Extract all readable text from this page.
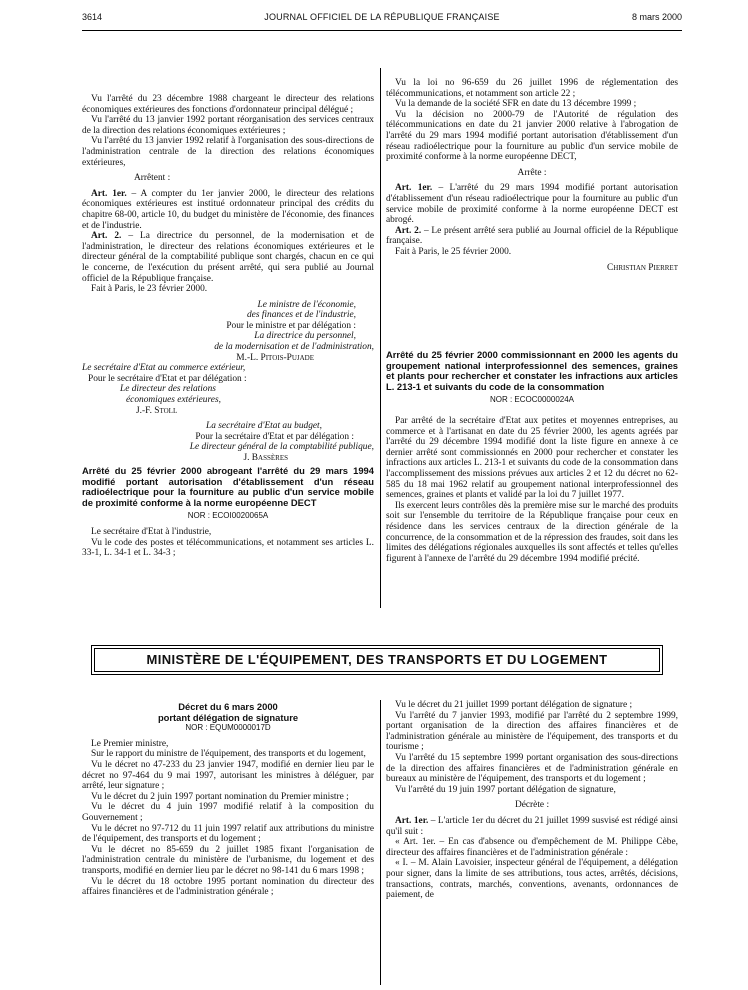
3614	JOURNAL OFFICIEL DE LA RÉPUBLIQUE FRANÇAISE	8 mars 2000

Vu l'arrêté du 23 décembre 1988 chargeant le directeur des relations économiques extérieures des fonctions d'ordonnateur principal délégué ;

Vu l'arrêté du 13 janvier 1992 portant réorganisation des services centraux de la direction des relations économiques extérieures ;

Vu l'arrêté du 13 janvier 1992 relatif à l'organisation des sous-directions de l'administration centrale de la direction des relations économiques extérieures,

Arrêtent :

Art. 1er. – A compter du 1er janvier 2000, le directeur des relations économiques extérieures est institué ordonnateur principal des crédits du chapitre 68-00, article 10, du budget du ministère de l'économie, des finances et de l'industrie.

Art. 2. – La directrice du personnel, de la modernisation et de l'administration, le directeur des relations économiques extérieures et le directeur général de la comptabilité publique sont chargés, chacun en ce qui le concerne, de l'exécution du présent arrêté, qui sera publié au Journal officiel de la République française.

Fait à Paris, le 23 février 2000.

Le ministre de l'économie,

des finances et de l'industrie,

Pour le ministre et par délégation :

La directrice du personnel,

de la modernisation et de l'administration,

M.-L. Pitois-Pujade

Le secrétaire d'Etat au commerce extérieur,

Pour le secrétaire d'Etat et par délégation :

Le directeur des relations

économiques extérieures,

J.-F. Stoll

La secrétaire d'Etat au budget,

Pour la secrétaire d'Etat et par délégation :

Le directeur général de la comptabilité publique,

J. Bassères

Arrêté du 25 février 2000 abrogeant l'arrêté du 29 mars 1994 modifié portant autorisation d'établissement d'un réseau radioélectrique pour la fourniture au public d'un service mobile de proximité conforme à la norme européenne DECT

NOR : ECOI0020065A

Le secrétaire d'Etat à l'industrie,

Vu le code des postes et télécommunications, et notamment ses articles L. 33-1, L. 34-1 et L. 34-3 ;

Vu la loi no 96-659 du 26 juillet 1996 de réglementation des télécommunications, et notamment son article 22 ;

Vu la demande de la société SFR en date du 13 décembre 1999 ;

Vu la décision no 2000-79 de l'Autorité de régulation des télécommunications en date du 21 janvier 2000 relative à l'abrogation de l'arrêté du 29 mars 1994 modifié portant autorisation d'établissement d'un réseau radioélectrique pour la fourniture au public d'un service mobile de proximité conforme à la norme européenne DECT,

Arrête :

Art. 1er. – L'arrêté du 29 mars 1994 modifié portant autorisation d'établissement d'un réseau radioélectrique pour la fourniture au public d'un service mobile de proximité conforme à la norme européenne DECT est abrogé.

Art. 2. – Le présent arrêté sera publié au Journal officiel de la République française.

Fait à Paris, le 25 février 2000.

Christian Pierret

Arrêté du 25 février 2000 commissionnant en 2000 les agents du groupement national interprofessionnel des semences, graines et plants pour rechercher et constater les infractions aux articles L. 213-1 et suivants du code de la consommation

NOR : ECOC0000024A

Par arrêté de la secrétaire d'Etat aux petites et moyennes entreprises, au commerce et à l'artisanat en date du 25 février 2000, les agents agréés par l'arrêté du 29 décembre 1994 modifié dont la liste figure en annexe à ce dernier arrêté sont commissionnés en 2000 pour rechercher et constater les infractions aux articles L. 213-1 et suivants du code de la consommation dans l'accomplissement des missions prévues aux articles 2 et 12 du décret no 62-585 du 18 mai 1962 relatif au groupement national interprofessionnel des semences, graines et plants et validé par la loi du 7 juillet 1977.

Ils exercent leurs contrôles dès la première mise sur le marché des produits soit sur l'ensemble du territoire de la République française pour ceux en résidence dans les services centraux de la direction générale de la concurrence, de la consommation et de la répression des fraudes, soit dans les limites des délégations régionales auxquelles ils sont affectés et telles qu'elles figurent à l'annexe de l'arrêté du 29 décembre 1994 modifié précité.

MINISTÈRE DE L'ÉQUIPEMENT, DES TRANSPORTS ET DU LOGEMENT

Décret du 6 mars 2000

portant délégation de signature

NOR : EQUM0000017D

Le Premier ministre,

Sur le rapport du ministre de l'équipement, des transports et du logement,

Vu le décret no 47-233 du 23 janvier 1947, modifié en dernier lieu par le décret no 97-464 du 9 mai 1997, autorisant les ministres à déléguer, par arrêté, leur signature ;

Vu le décret du 2 juin 1997 portant nomination du Premier ministre ;

Vu le décret du 4 juin 1997 modifié relatif à la composition du Gouvernement ;

Vu le décret no 97-712 du 11 juin 1997 relatif aux attributions du ministre de l'équipement, des transports et du logement ;

Vu le décret no 85-659 du 2 juillet 1985 fixant l'organisation de l'administration centrale du ministère de l'urbanisme, du logement et des transports, modifié en dernier lieu par le décret no 98-141 du 6 mars 1998 ;

Vu le décret du 18 octobre 1995 portant nomination du directeur des affaires financières et de l'administration générale ;

Vu le décret du 21 juillet 1999 portant délégation de signature ;

Vu l'arrêté du 7 janvier 1993, modifié par l'arrêté du 2 septembre 1999, portant organisation de la direction des affaires financières et de l'administration générale au ministère de l'équipement, des transports et du tourisme ;

Vu l'arrêté du 15 septembre 1999 portant organisation des sous-directions de la direction des affaires financières et de l'administration générale en bureaux au ministère de l'équipement, des transports et du logement ;

Vu l'arrêté du 19 juin 1997 portant délégation de signature,

Décrète :

Art. 1er. – L'article 1er du décret du 21 juillet 1999 susvisé est rédigé ainsi qu'il suit :

« Art. 1er. – En cas d'absence ou d'empêchement de M. Philippe Cèbe, directeur des affaires financières et de l'administration générale :

« I. – M. Alain Lavoisier, inspecteur général de l'équipement, a délégation pour signer, dans la limite de ses attributions, tous actes, arrêtés, décisions, transactions, contrats, marchés, conventions, avenants, ordonnances de paiement, de
